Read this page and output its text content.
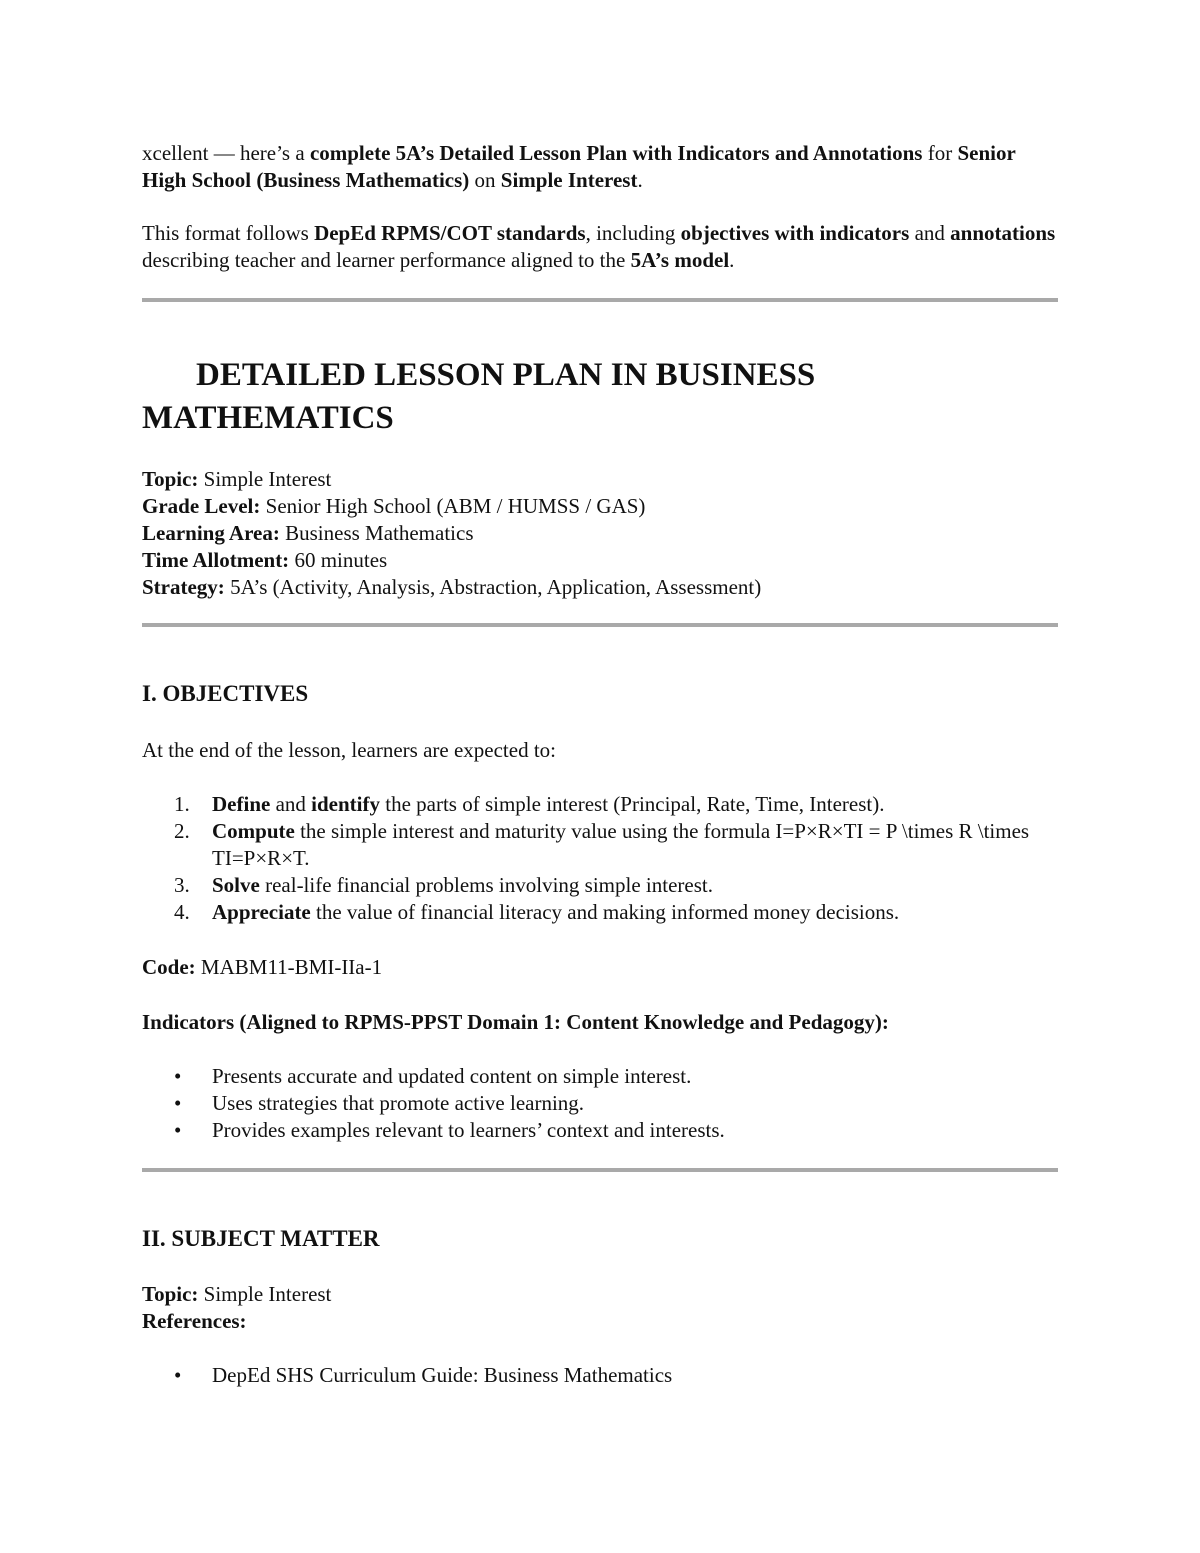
xcellent — here’s a complete 5A’s Detailed Lesson Plan with Indicators and Annotations for Senior High School (Business Mathematics) on Simple Interest.

This format follows DepEd RPMS/COT standards, including objectives with indicators and annotations describing teacher and learner performance aligned to the 5A’s model.

DETAILED LESSON PLAN IN BUSINESS
MATHEMATICS
Topic: Simple Interest
Grade Level: Senior High School (ABM / HUMSS / GAS)
Learning Area: Business Mathematics
Time Allotment: 60 minutes
Strategy: 5A’s (Activity, Analysis, Abstraction, Application, Assessment)
I. OBJECTIVES

At the end of the lesson, learners are expected to:

1. Define and identify the parts of simple interest (Principal, Rate, Time, Interest).
2. Compute the simple interest and maturity value using the formula I=P×R×TI = P \times R \times TI=P×R×T.
3. Solve real-life financial problems involving simple interest.
4. Appreciate the value of financial literacy and making informed money decisions.

Code: MABM11-BMI-IIa-1

Indicators (Aligned to RPMS-PPST Domain 1: Content Knowledge and Pedagogy):

• Presents accurate and updated content on simple interest.
• Uses strategies that promote active learning.
• Provides examples relevant to learners’ context and interests.
II. SUBJECT MATTER
Topic: Simple Interest
References:
• DepEd SHS Curriculum Guide: Business Mathematics
